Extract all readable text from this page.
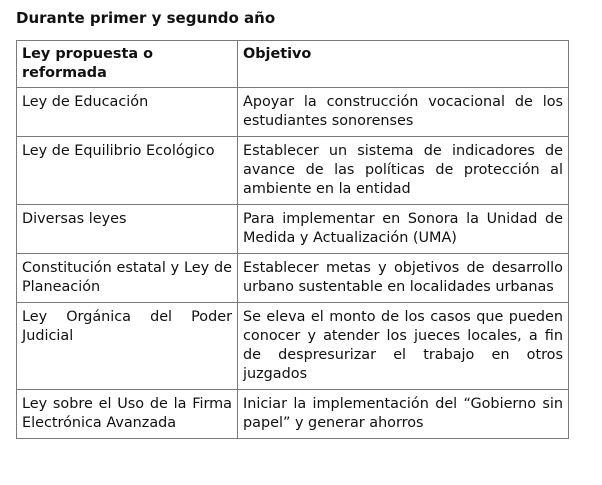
Durante primer y segundo año
Ley propuesta o reformada	Objetivo
Ley de Educación	Apoyar la construcción vocacional de los estudiantes sonorenses
Ley de Equilibrio Ecológico	Establecer un sistema de indicadores de avance de las políticas de protección al ambiente en la entidad
Diversas leyes	Para implementar en Sonora la Unidad de Medida y Actualización (UMA)
Constitución estatal y Ley de Planeación	Establecer metas y objetivos de desarrollo urbano sustentable en localidades urbanas
Ley Orgánica del Poder Judicial	Se eleva el monto de los casos que pueden conocer y atender los jueces locales, a fin de despresurizar el trabajo en otros juzgados
Ley sobre el Uso de la Firma Electrónica Avanzada	Iniciar la implementación del “Gobierno sin papel” y generar ahorros
